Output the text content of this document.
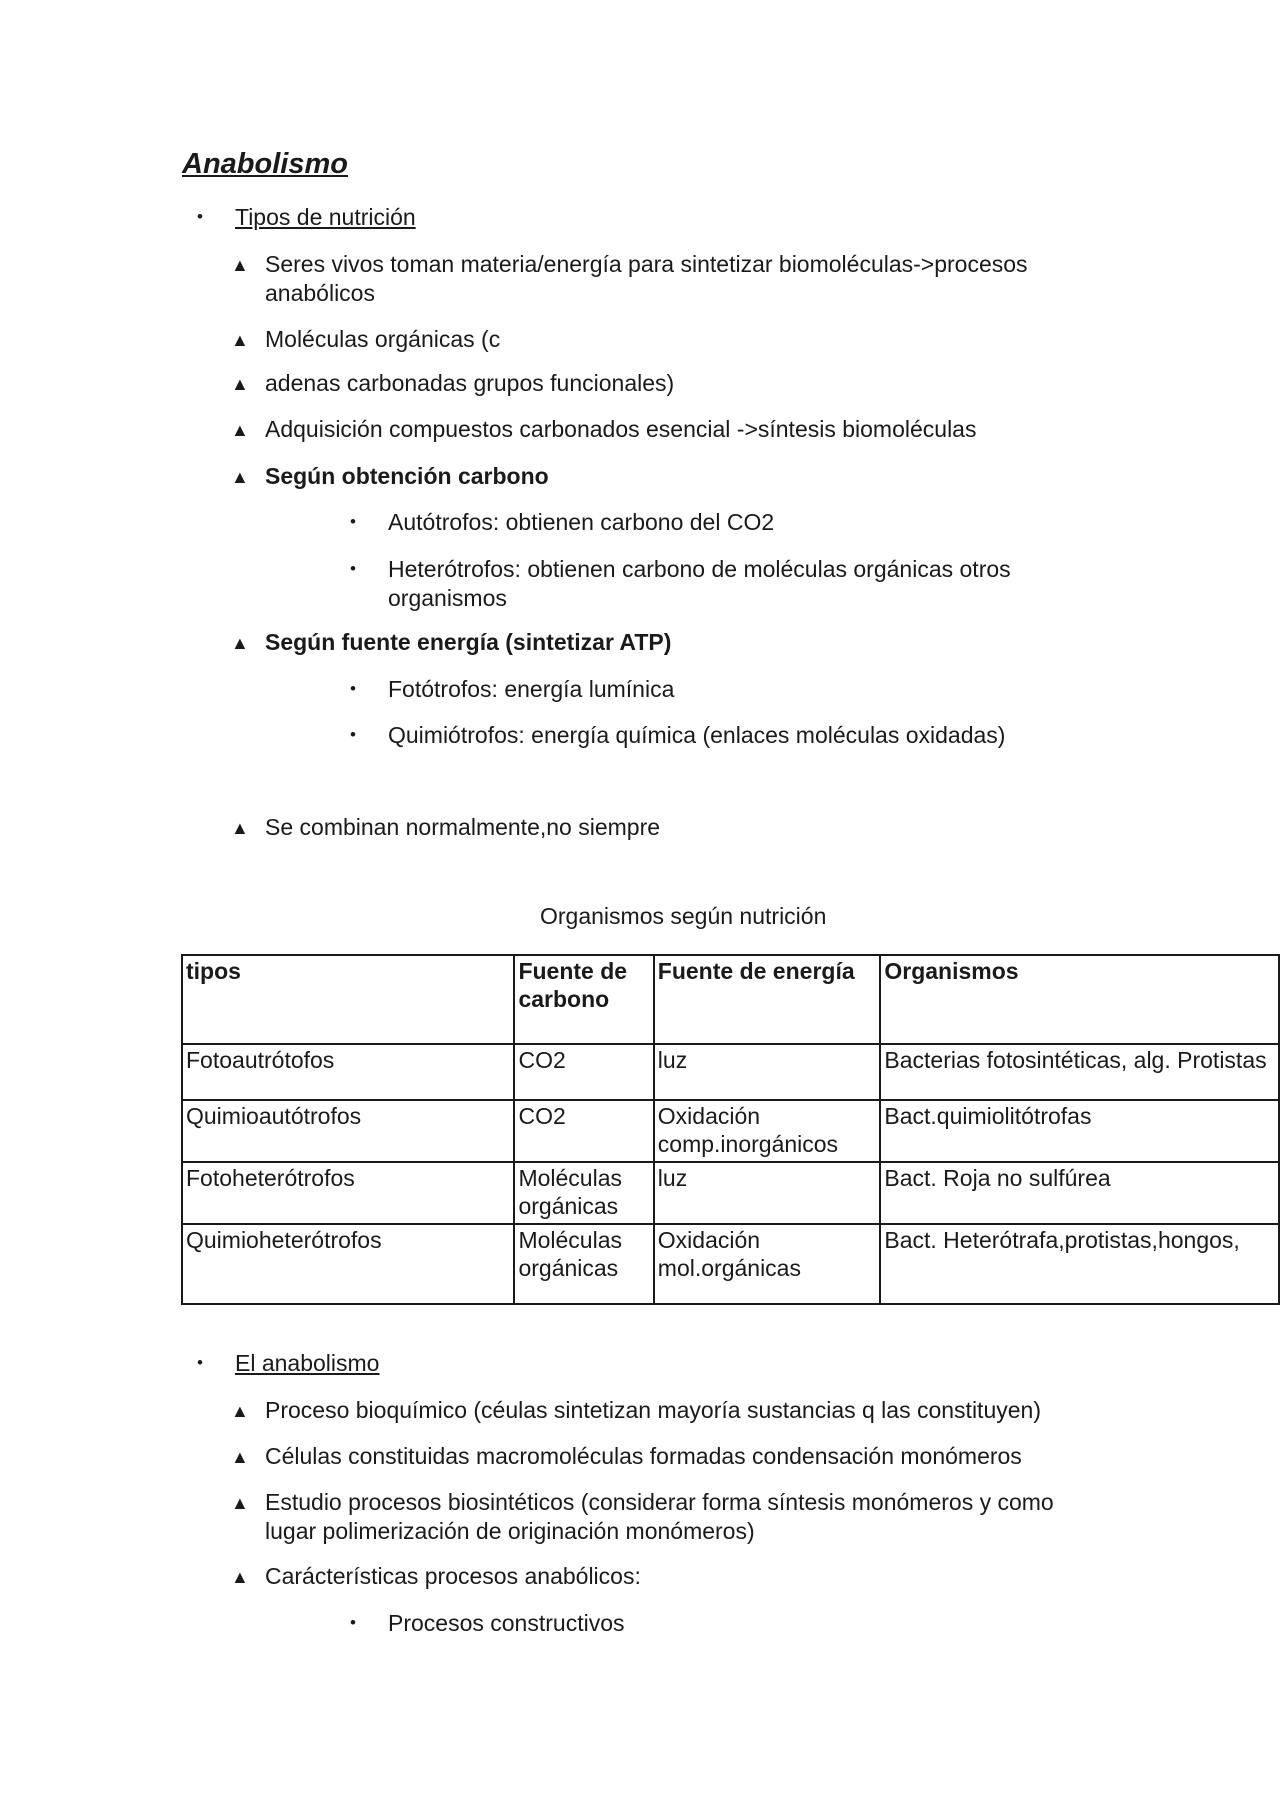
Anabolismo
• Tipos de nutrición
▲ Seres vivos toman materia/energía para sintetizar biomoléculas->procesos anabólicos
▲ Moléculas orgánicas (c
▲ adenas carbonadas grupos funcionales)
▲ Adquisición compuestos carbonados esencial ->síntesis biomoléculas
▲ Según obtención carbono
• Autótrofos: obtienen carbono del CO2
• Heterótrofos: obtienen carbono de moléculas orgánicas otros organismos
▲ Según fuente energía (sintetizar ATP)
• Fotótrofos: energía lumínica
• Quimiótrofos: energía química (enlaces moléculas oxidadas)
▲ Se combinan normalmente,no siempre
Organismos según nutrición
tipos	Fuente de carbono	Fuente de energía	Organismos
Fotoautrótofos	CO2	luz	Bacterias fotosintéticas, alg. Protistas
Quimioautótrofos	CO2	Oxidación comp.inorgánicos	Bact.quimiolitótrofas
Fotoheterótrofos	Moléculas orgánicas	luz	Bact. Roja no sulfúrea
Quimioheterótrofos	Moléculas orgánicas	Oxidación mol.orgánicas	Bact. Heterótrafa,protistas,hongos,
• El anabolismo
▲ Proceso bioquímico (céulas sintetizan mayoría sustancias q las constituyen)
▲ Células constituidas macromoléculas formadas condensación monómeros
▲ Estudio procesos biosintéticos (considerar forma síntesis monómeros y como lugar polimerización de originación monómeros)
▲ Carácterísticas procesos anabólicos:
• Procesos constructivos
